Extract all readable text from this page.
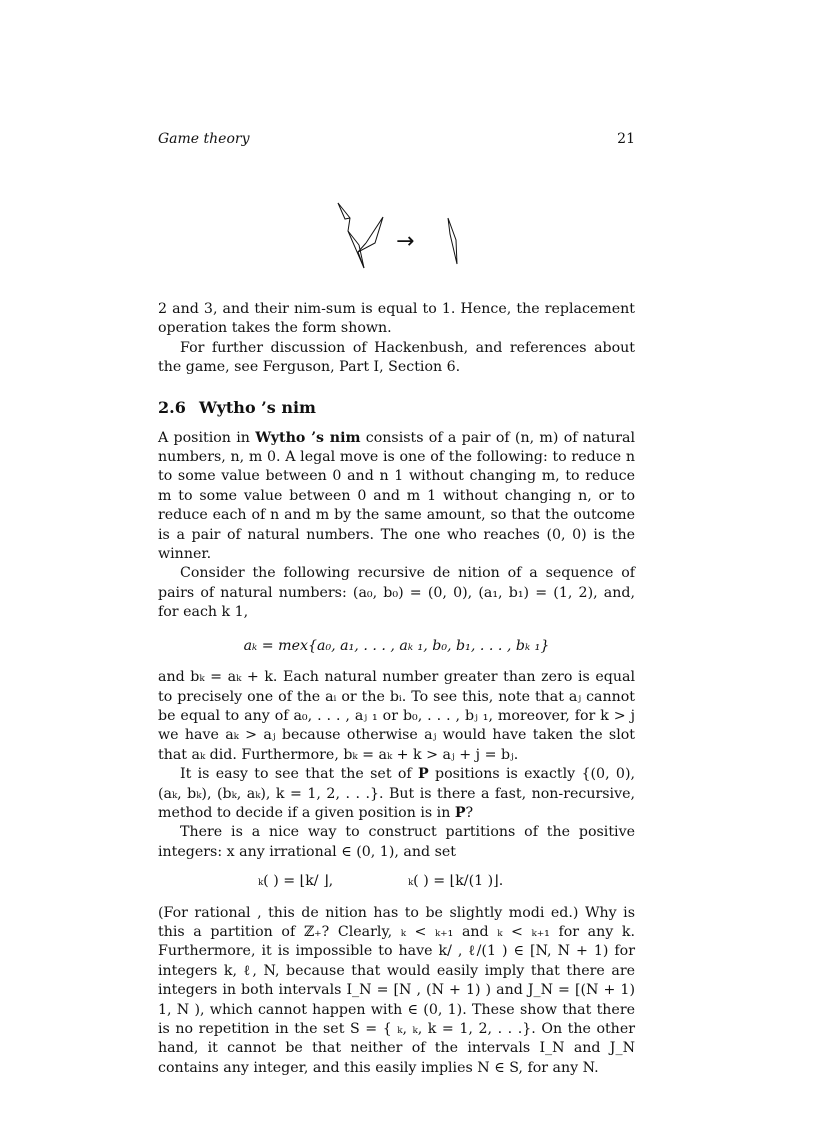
Game theory	21
→

2 and 3, and their nim-sum is equal to 1. Hence, the replacement operation takes the form shown.

For further discussion of Hackenbush, and references about the game, see Ferguson, Part I, Section 6.

2.6 Wytho ’s nim

A position in Wytho ’s nim consists of a pair of (n, m) of natural numbers, n, m 0. A legal move is one of the following: to reduce n to some value between 0 and n 1 without changing m, to reduce m to some value between 0 and m 1 without changing n, or to reduce each of n and m by the same amount, so that the outcome is a pair of natural numbers. The one who reaches (0, 0) is the winner.

Consider the following recursive de nition of a sequence of pairs of natural numbers: (a₀, b₀) = (0, 0), (a₁, b₁) = (1, 2), and, for each k 1,

aₖ = mex{a₀, a₁, . . . , aₖ ₁, b₀, b₁, . . . , bₖ ₁}

and bₖ = aₖ + k. Each natural number greater than zero is equal to precisely one of the aᵢ or the bᵢ. To see this, note that aⱼ cannot be equal to any of a₀, . . . , aⱼ ₁ or b₀, . . . , bⱼ ₁, moreover, for k > j we have aₖ > aⱼ because otherwise aⱼ would have taken the slot that aₖ did. Furthermore, bₖ = aₖ + k > aⱼ + j = bⱼ.

It is easy to see that the set of P positions is exactly {(0, 0), (aₖ, bₖ), (bₖ, aₖ), k = 1, 2, . . .}. But is there a fast, non-recursive, method to decide if a given position is in P?

There is a nice way to construct partitions of the positive integers: x any irrational ∈ (0, 1), and set

ₖ( ) = ⌊k/ ⌋,	ₖ( ) = ⌊k/(1 )⌋.

(For rational , this de nition has to be slightly modi ed.) Why is this a partition of ℤ₊? Clearly, ₖ < ₖ₊₁ and ₖ < ₖ₊₁ for any k. Furthermore, it is impossible to have k/ , ℓ/(1 ) ∈ [N, N + 1) for integers k, ℓ, N, because that would easily imply that there are integers in both intervals I_N = [N , (N + 1) ) and J_N = [(N + 1) 1, N ), which cannot happen with ∈ (0, 1). These show that there is no repetition in the set S = { ₖ, ₖ, k = 1, 2, . . .}. On the other hand, it cannot be that neither of the intervals I_N and J_N contains any integer, and this easily implies N ∈ S, for any N.
